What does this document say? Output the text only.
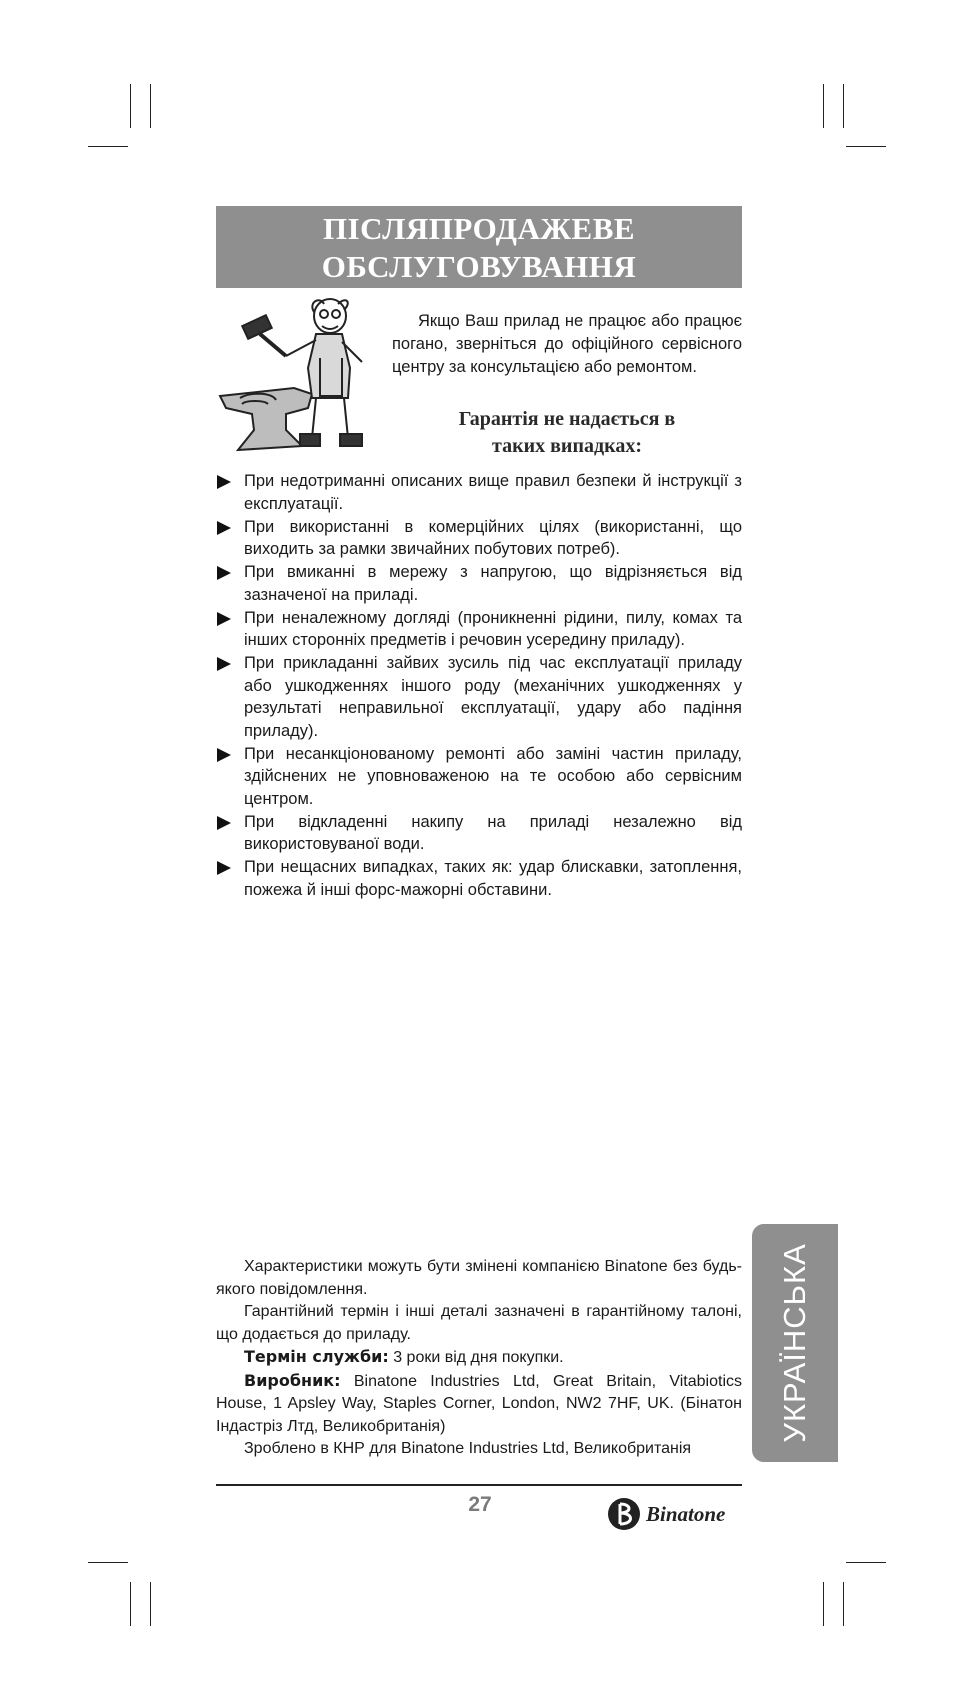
ПІСЛЯПРОДАЖЕВЕ
ОБСЛУГОВУВАННЯ

Якщо Ваш прилад не працює або працює погано, зверніться до офіційного сервісного центру за консультацією або ремонтом.

Гарантія не надається в
таких випадках:
При недотриманні описаних вище правил безпеки й інструкції з експлуатації.
При використанні в комерційних цілях (використанні, що виходить за рамки звичайних побутових потреб).
При вмиканні в мережу з напругою, що відрізняється від зазначеної на приладі.
При неналежному догляді (проникненні рідини, пилу, комах та інших сторонніх предметів і речовин усередину приладу).
При прикладанні зайвих зусиль під час експлуатації приладу або ушкодженнях іншого роду (механічних ушкодженнях у результаті неправильної експлуатації, удару або падіння приладу).
При несанкціонованому ремонті або заміні частин приладу, здійснених не уповноваженою на те особою або сервісним центром.
При відкладенні накипу на приладі незалежно від використовуваної води.
При нещасних випадках, таких як: удар блискавки, затоплення, пожежа й інші форс-мажорні обставини.

Характеристики можуть бути змінені компанією Binatone без будь-якого повідомлення.

Гарантійний термін і інші деталі зазначені в гарантійному талоні, що додається до приладу.

Термін служби: 3 роки від дня покупки.

Виробник: Binatone Industries Ltd, Great Britain, Vitabiotics House, 1 Apsley Way, Staples Corner, London, NW2 7HF, UK. (Бінатон Індастріз Лтд, Великобританія)

Зроблено в КНР для Binatone Industries Ltd, Великобританія

УКРАЇНСЬКА
27	Binatone
